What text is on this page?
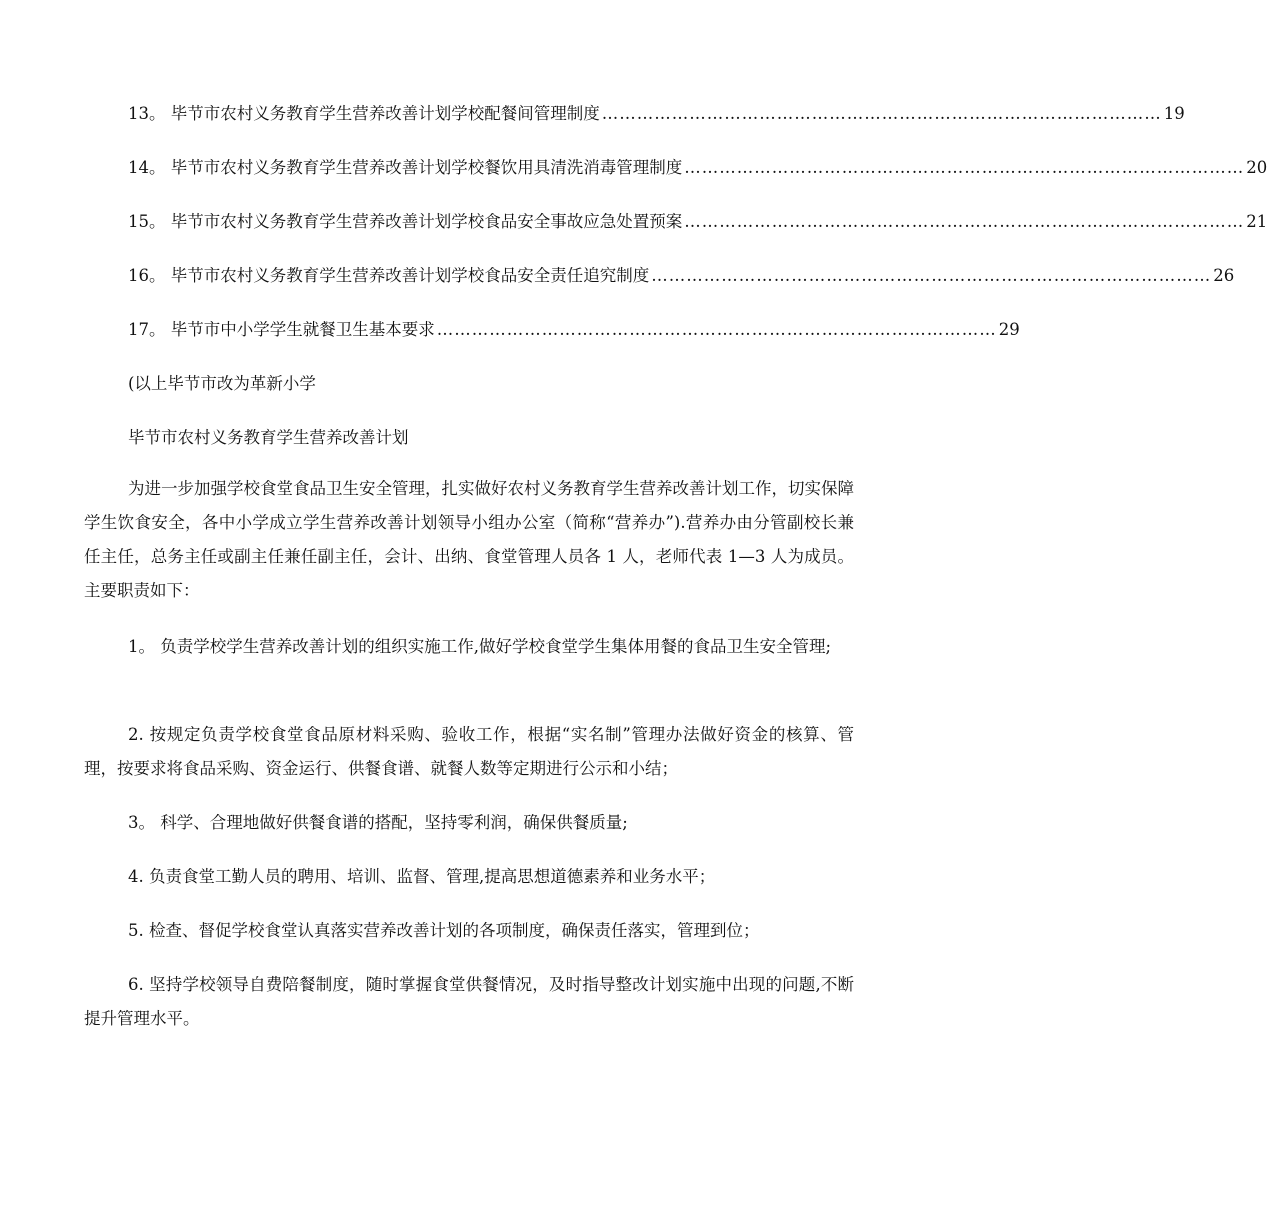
13。 毕节市农村义务教育学生营养改善计划学校配餐间管理制度 …………………………………………………………………………………… 19
14。 毕节市农村义务教育学生营养改善计划学校餐饮用具清洗消毒管理制度 …………………………………………………………………………………… 20
15。 毕节市农村义务教育学生营养改善计划学校食品安全事故应急处置预案 …………………………………………………………………………………… 21
16。 毕节市农村义务教育学生营养改善计划学校食品安全责任追究制度 …………………………………………………………………………………… 26
17。 毕节市中小学学生就餐卫生基本要求 …………………………………………………………………………………… 29
(以上毕节市改为革新小学
毕节市农村义务教育学生营养改善计划
为进一步加强学校食堂食品卫生安全管理，扎实做好农村义务教育学生营养改善计划工作，切实保障学生饮食安全，各中小学成立学生营养改善计划领导小组办公室（简称“营养办”).营养办由分管副校长兼任主任，总务主任或副主任兼任副主任，会计、出纳、食堂管理人员各 1 人，老师代表 1—3 人为成员。主要职责如下：
1。 负责学校学生营养改善计划的组织实施工作,做好学校食堂学生集体用餐的食品卫生安全管理;
2. 按规定负责学校食堂食品原材料采购、验收工作，根据“实名制”管理办法做好资金的核算、管理，按要求将食品采购、资金运行、供餐食谱、就餐人数等定期进行公示和小结；
3。 科学、合理地做好供餐食谱的搭配，坚持零利润，确保供餐质量;
4. 负责食堂工勤人员的聘用、培训、监督、管理,提高思想道德素养和业务水平；
5. 检查、督促学校食堂认真落实营养改善计划的各项制度，确保责任落实，管理到位；
6. 坚持学校领导自费陪餐制度，随时掌握食堂供餐情况，及时指导整改计划实施中出现的问题,不断提升管理水平。
